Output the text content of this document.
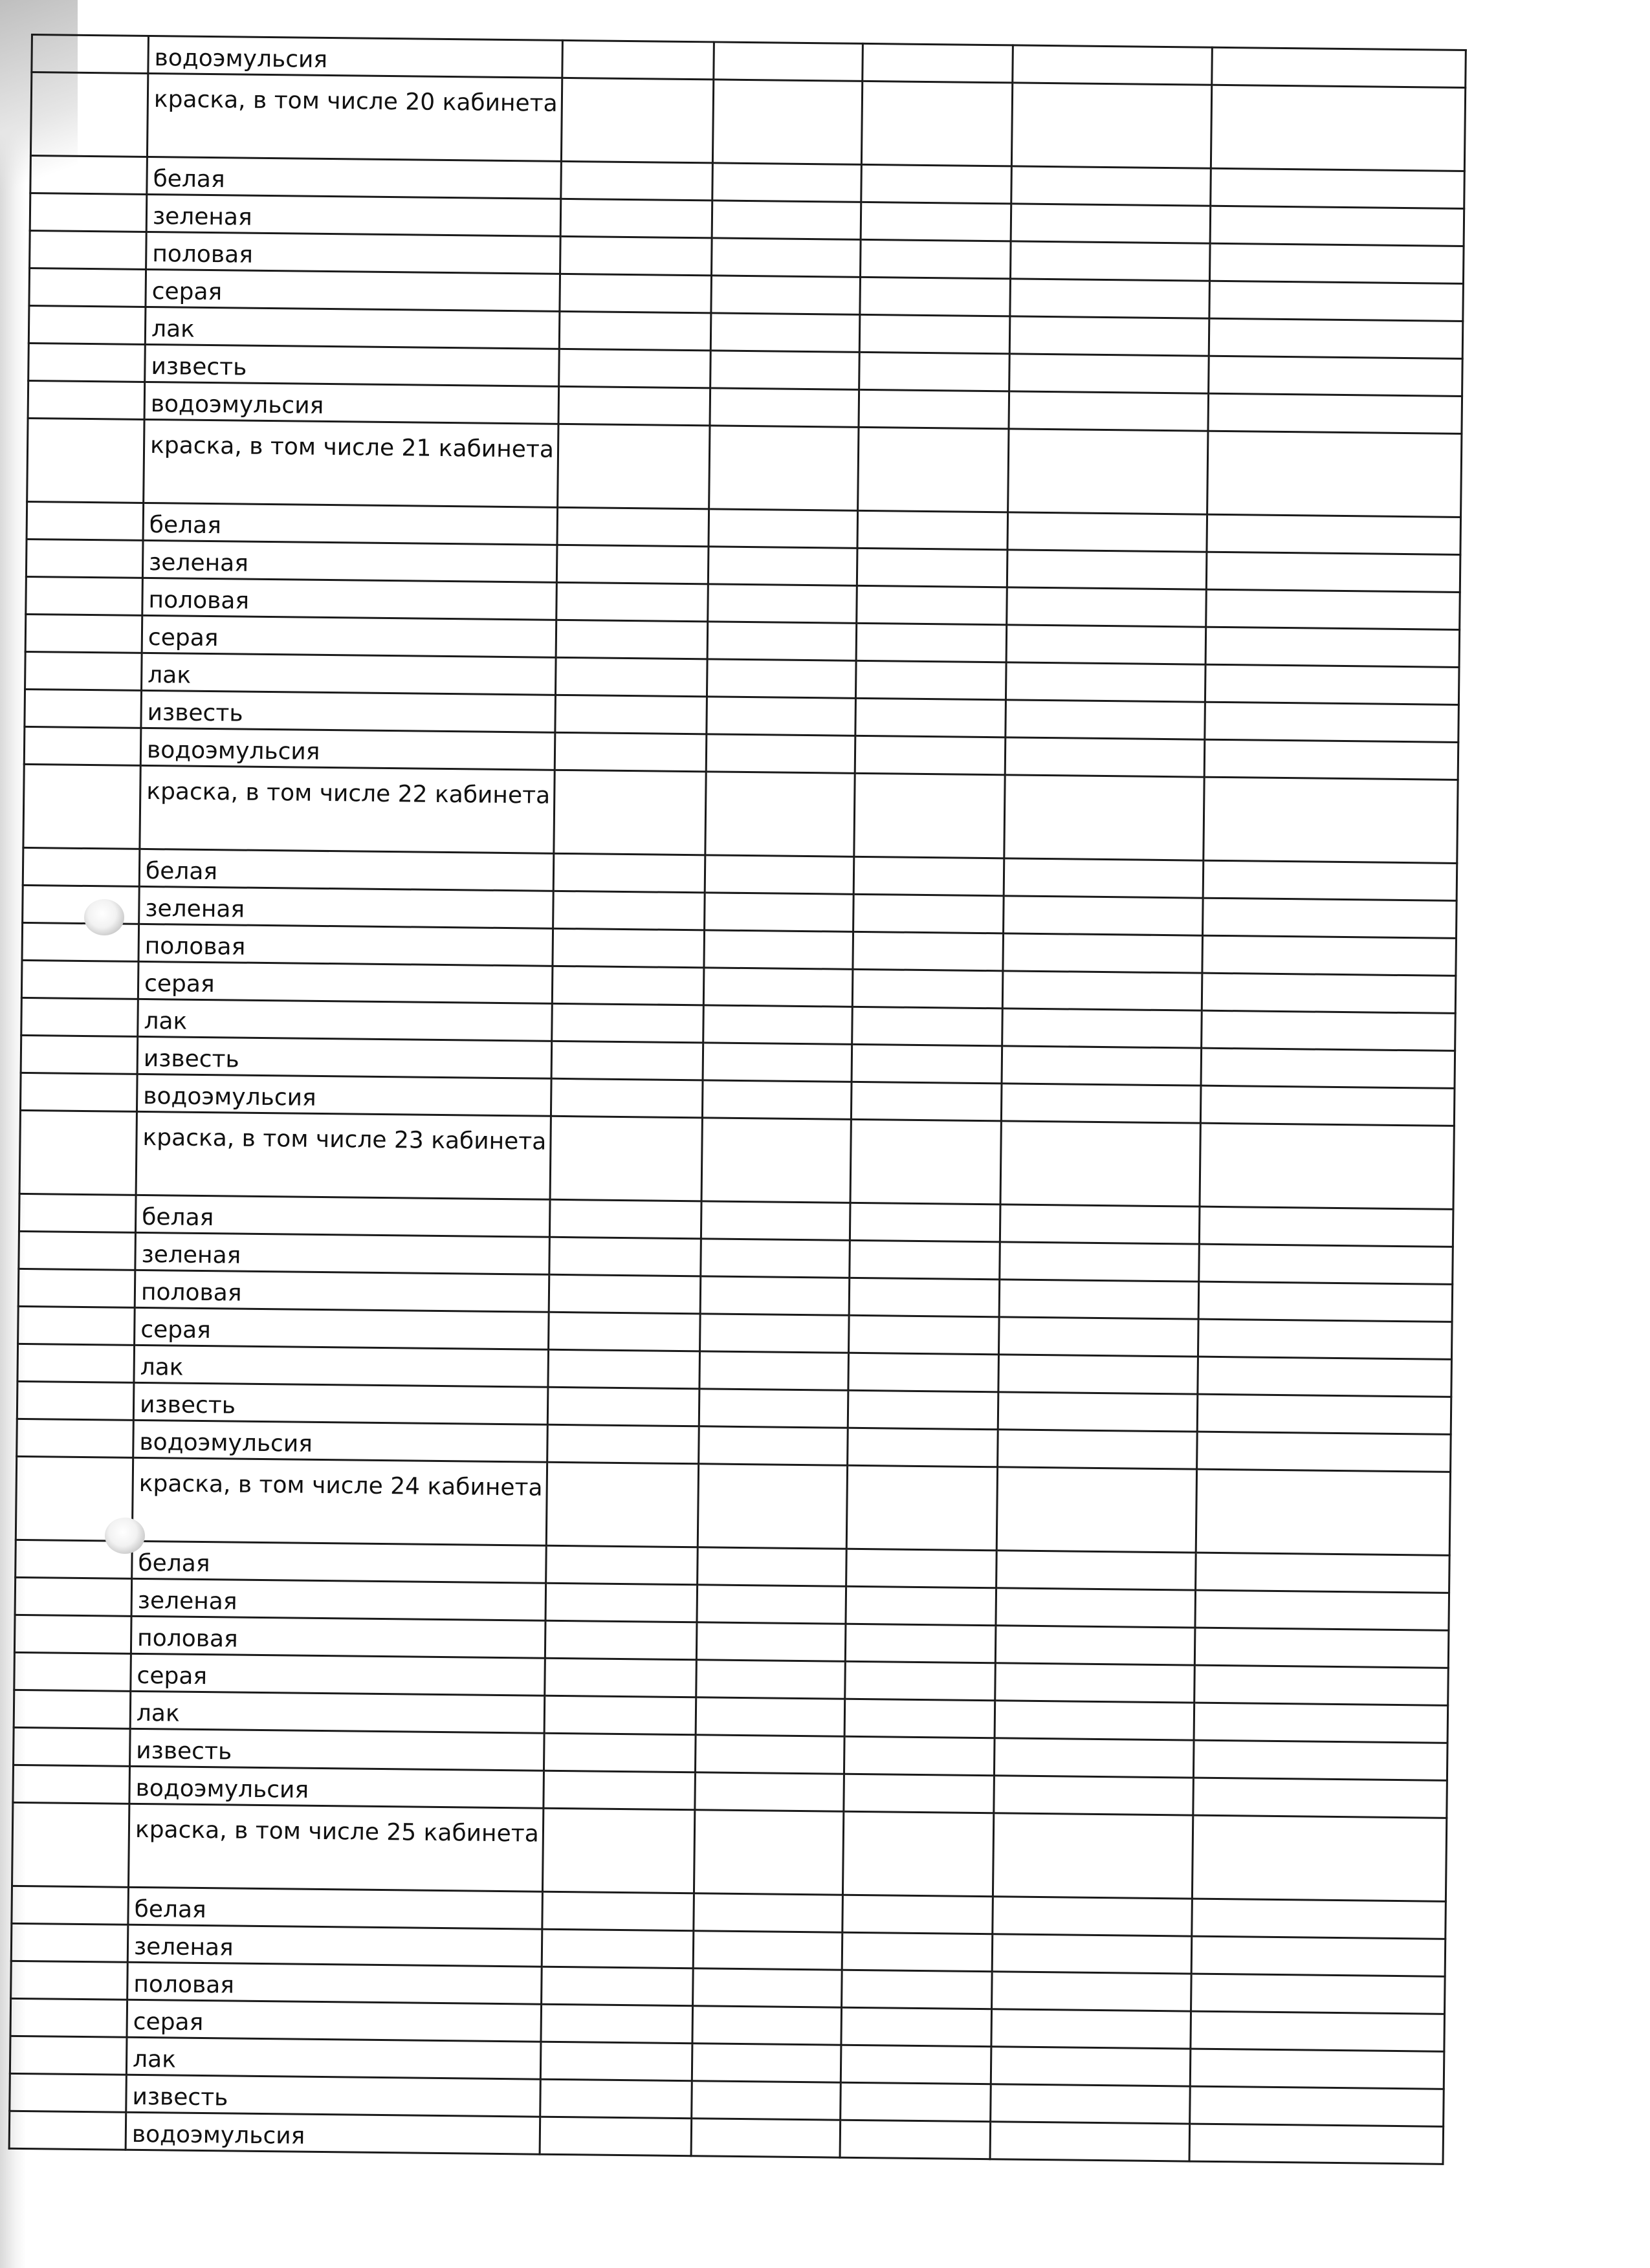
	водоэмульсия					
	краска, в том числе 20 кабинета					
	белая					
	зеленая					
	половая					
	серая					
	лак					
	известь					
	водоэмульсия					
	краска, в том числе 21 кабинета					
	белая					
	зеленая					
	половая					
	серая					
	лак					
	известь					
	водоэмульсия					
	краска, в том числе 22 кабинета					
	белая					
	зеленая					
	половая					
	серая					
	лак					
	известь					
	водоэмульсия					
	краска, в том числе 23 кабинета					
	белая					
	зеленая					
	половая					
	серая					
	лак					
	известь					
	водоэмульсия					
	краска, в том числе 24 кабинета					
	белая					
	зеленая					
	половая					
	серая					
	лак					
	известь					
	водоэмульсия					
	краска, в том числе 25 кабинета					
	белая					
	зеленая					
	половая					
	серая					
	лак					
	известь					
	водоэмульсия					
